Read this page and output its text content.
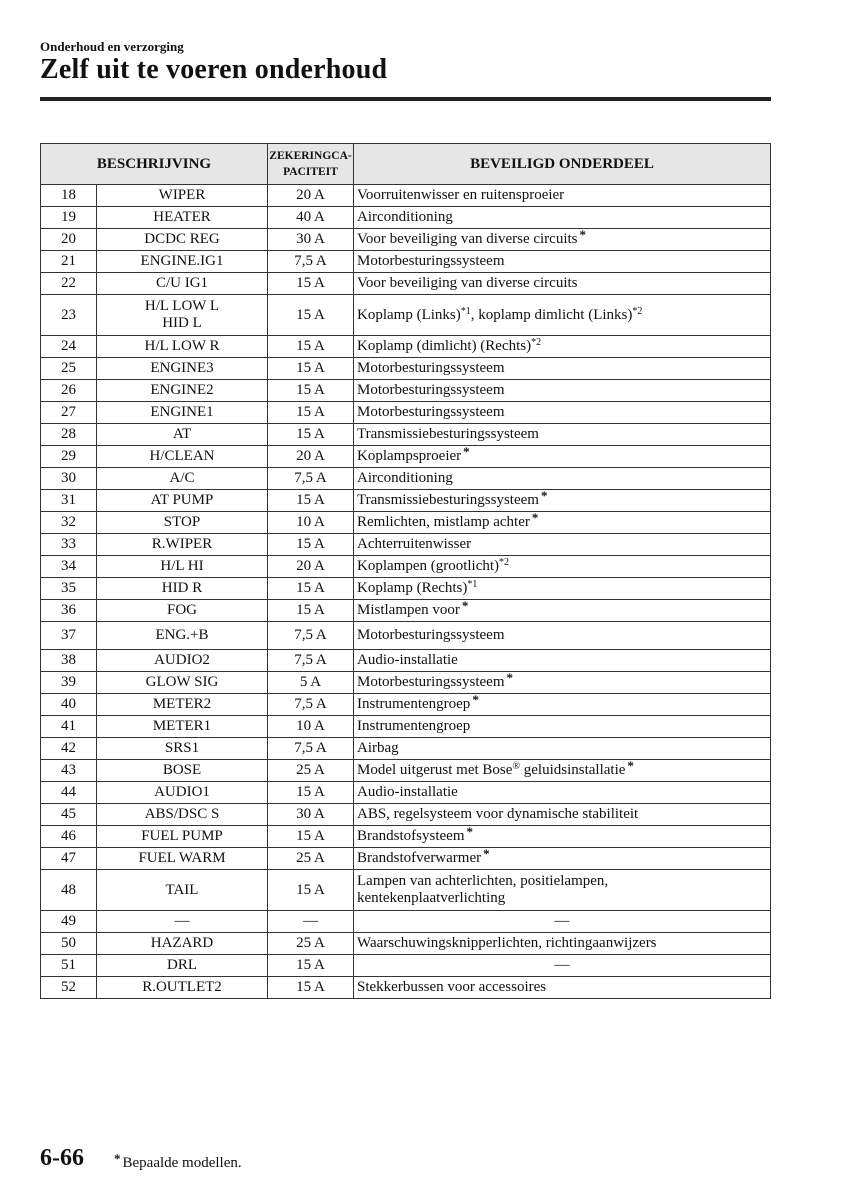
Onderhoud en verzorging
Zelf uit te voeren onderhoud
BESCHRIJVING		ZEKERINGCA-
PACITEIT	BEVEILIGD ONDERDEEL
18	WIPER	20 A	Voorruitenwisser en ruitensproeier
19	HEATER	40 A	Airconditioning
20	DCDC REG	30 A	Voor beveiliging van diverse circuits *
21	ENGINE.IG1	7,5 A	Motorbesturingssysteem
22	C/U IG1	15 A	Voor beveiliging van diverse circuits
23	H/L LOW L
HID L	15 A	Koplamp (Links)$^{*1}$, koplamp dimlicht (Links)$^{*2}$
24	H/L LOW R	15 A	Koplamp (dimlicht) (Rechts)$^{*2}$
25	ENGINE3	15 A	Motorbesturingssysteem
26	ENGINE2	15 A	Motorbesturingssysteem
27	ENGINE1	15 A	Motorbesturingssysteem
28	AT	15 A	Transmissiebesturingssysteem
29	H/CLEAN	20 A	Koplampsproeier *
30	A/C	7,5 A	Airconditioning
31	AT PUMP	15 A	Transmissiebesturingssysteem *
32	STOP	10 A	Remlichten, mistlamp achter *
33	R.WIPER	15 A	Achterruitenwisser
34	H/L HI	20 A	Koplampen (grootlicht)$^{*2}$
35	HID R	15 A	Koplamp (Rechts)$^{*1}$
36	FOG	15 A	Mistlampen voor *
37	ENG.+B	7,5 A	Motorbesturingssysteem
38	AUDIO2	7,5 A	Audio-installatie
39	GLOW SIG	5 A	Motorbesturingssysteem *
40	METER2	7,5 A	Instrumentengroep *
41	METER1	10 A	Instrumentengroep
42	SRS1	7,5 A	Airbag
43	BOSE	25 A	Model uitgerust met Bose® geluidsinstallatie *
44	AUDIO1	15 A	Audio-installatie
45	ABS/DSC S	30 A	ABS, regelsysteem voor dynamische stabiliteit
46	FUEL PUMP	15 A	Brandstofsysteem *
47	FUEL WARM	25 A	Brandstofverwarmer *
48	TAIL	15 A	Lampen van achterlichten, positielampen,
kentekenplaatverlichting
49	—	—	—
50	HAZARD	25 A	Waarschuwingsknipperlichten, richtingaanwijzers
51	DRL	15 A	—
52	R.OUTLET2	15 A	Stekkerbussen voor accessoires
6-66 * Bepaalde modellen.
